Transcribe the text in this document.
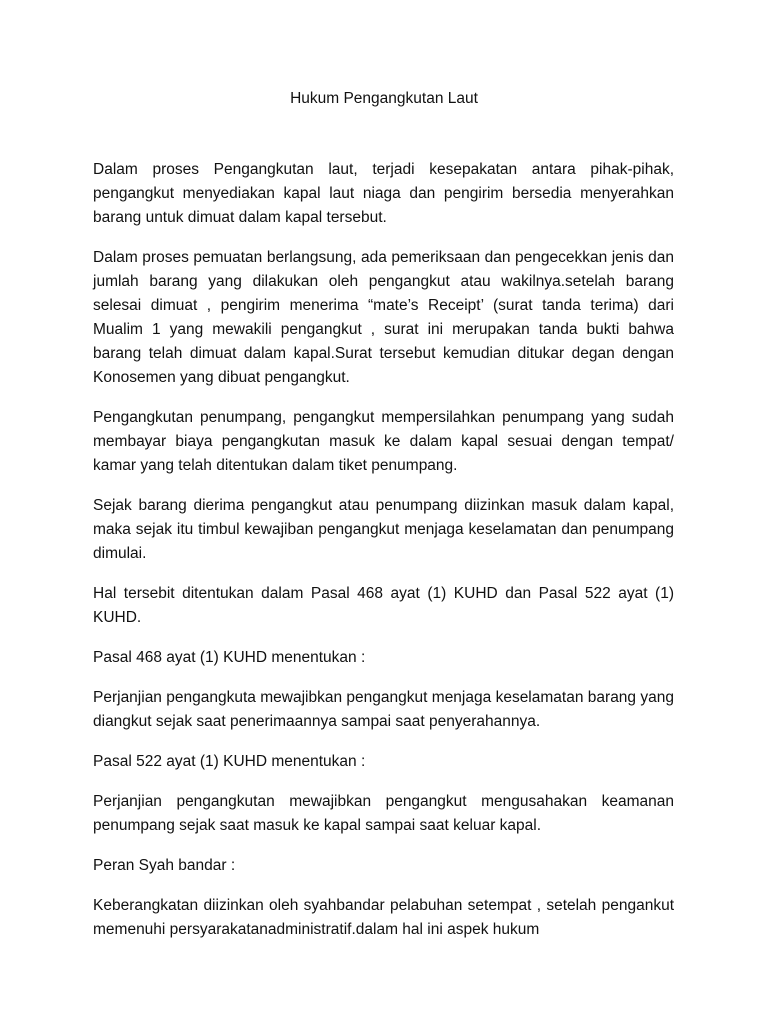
Hukum Pengangkutan Laut

Dalam proses Pengangkutan laut, terjadi kesepakatan antara pihak-pihak, pengangkut menyediakan kapal laut niaga dan pengirim bersedia menyerahkan barang untuk dimuat dalam kapal tersebut.

Dalam proses pemuatan berlangsung, ada pemeriksaan dan pengecekkan jenis dan jumlah barang yang dilakukan oleh pengangkut atau wakilnya.setelah barang selesai dimuat , pengirim menerima “mate’s Receipt’ (surat tanda terima) dari Mualim 1 yang mewakili pengangkut , surat ini merupakan tanda bukti bahwa barang telah dimuat dalam kapal.Surat tersebut kemudian ditukar degan dengan Konosemen yang dibuat pengangkut.

Pengangkutan penumpang, pengangkut mempersilahkan penumpang yang sudah membayar biaya pengangkutan masuk ke dalam kapal sesuai dengan tempat/ kamar yang telah ditentukan dalam tiket penumpang.

Sejak barang dierima pengangkut atau penumpang diizinkan masuk dalam kapal, maka sejak itu timbul kewajiban pengangkut menjaga keselamatan dan penumpang dimulai.

Hal tersebit ditentukan dalam Pasal 468 ayat (1) KUHD dan Pasal 522 ayat (1) KUHD.

Pasal 468 ayat (1) KUHD menentukan :

Perjanjian pengangkuta mewajibkan pengangkut menjaga keselamatan barang yang diangkut sejak saat penerimaannya sampai saat penyerahannya.

Pasal 522 ayat (1) KUHD menentukan :

Perjanjian pengangkutan mewajibkan pengangkut mengusahakan keamanan penumpang sejak saat masuk ke kapal sampai saat keluar kapal.

Peran Syah bandar :

Keberangkatan diizinkan oleh syahbandar pelabuhan setempat , setelah pengankut memenuhi persyarakatanadministratif.dalam hal ini aspek hukum
